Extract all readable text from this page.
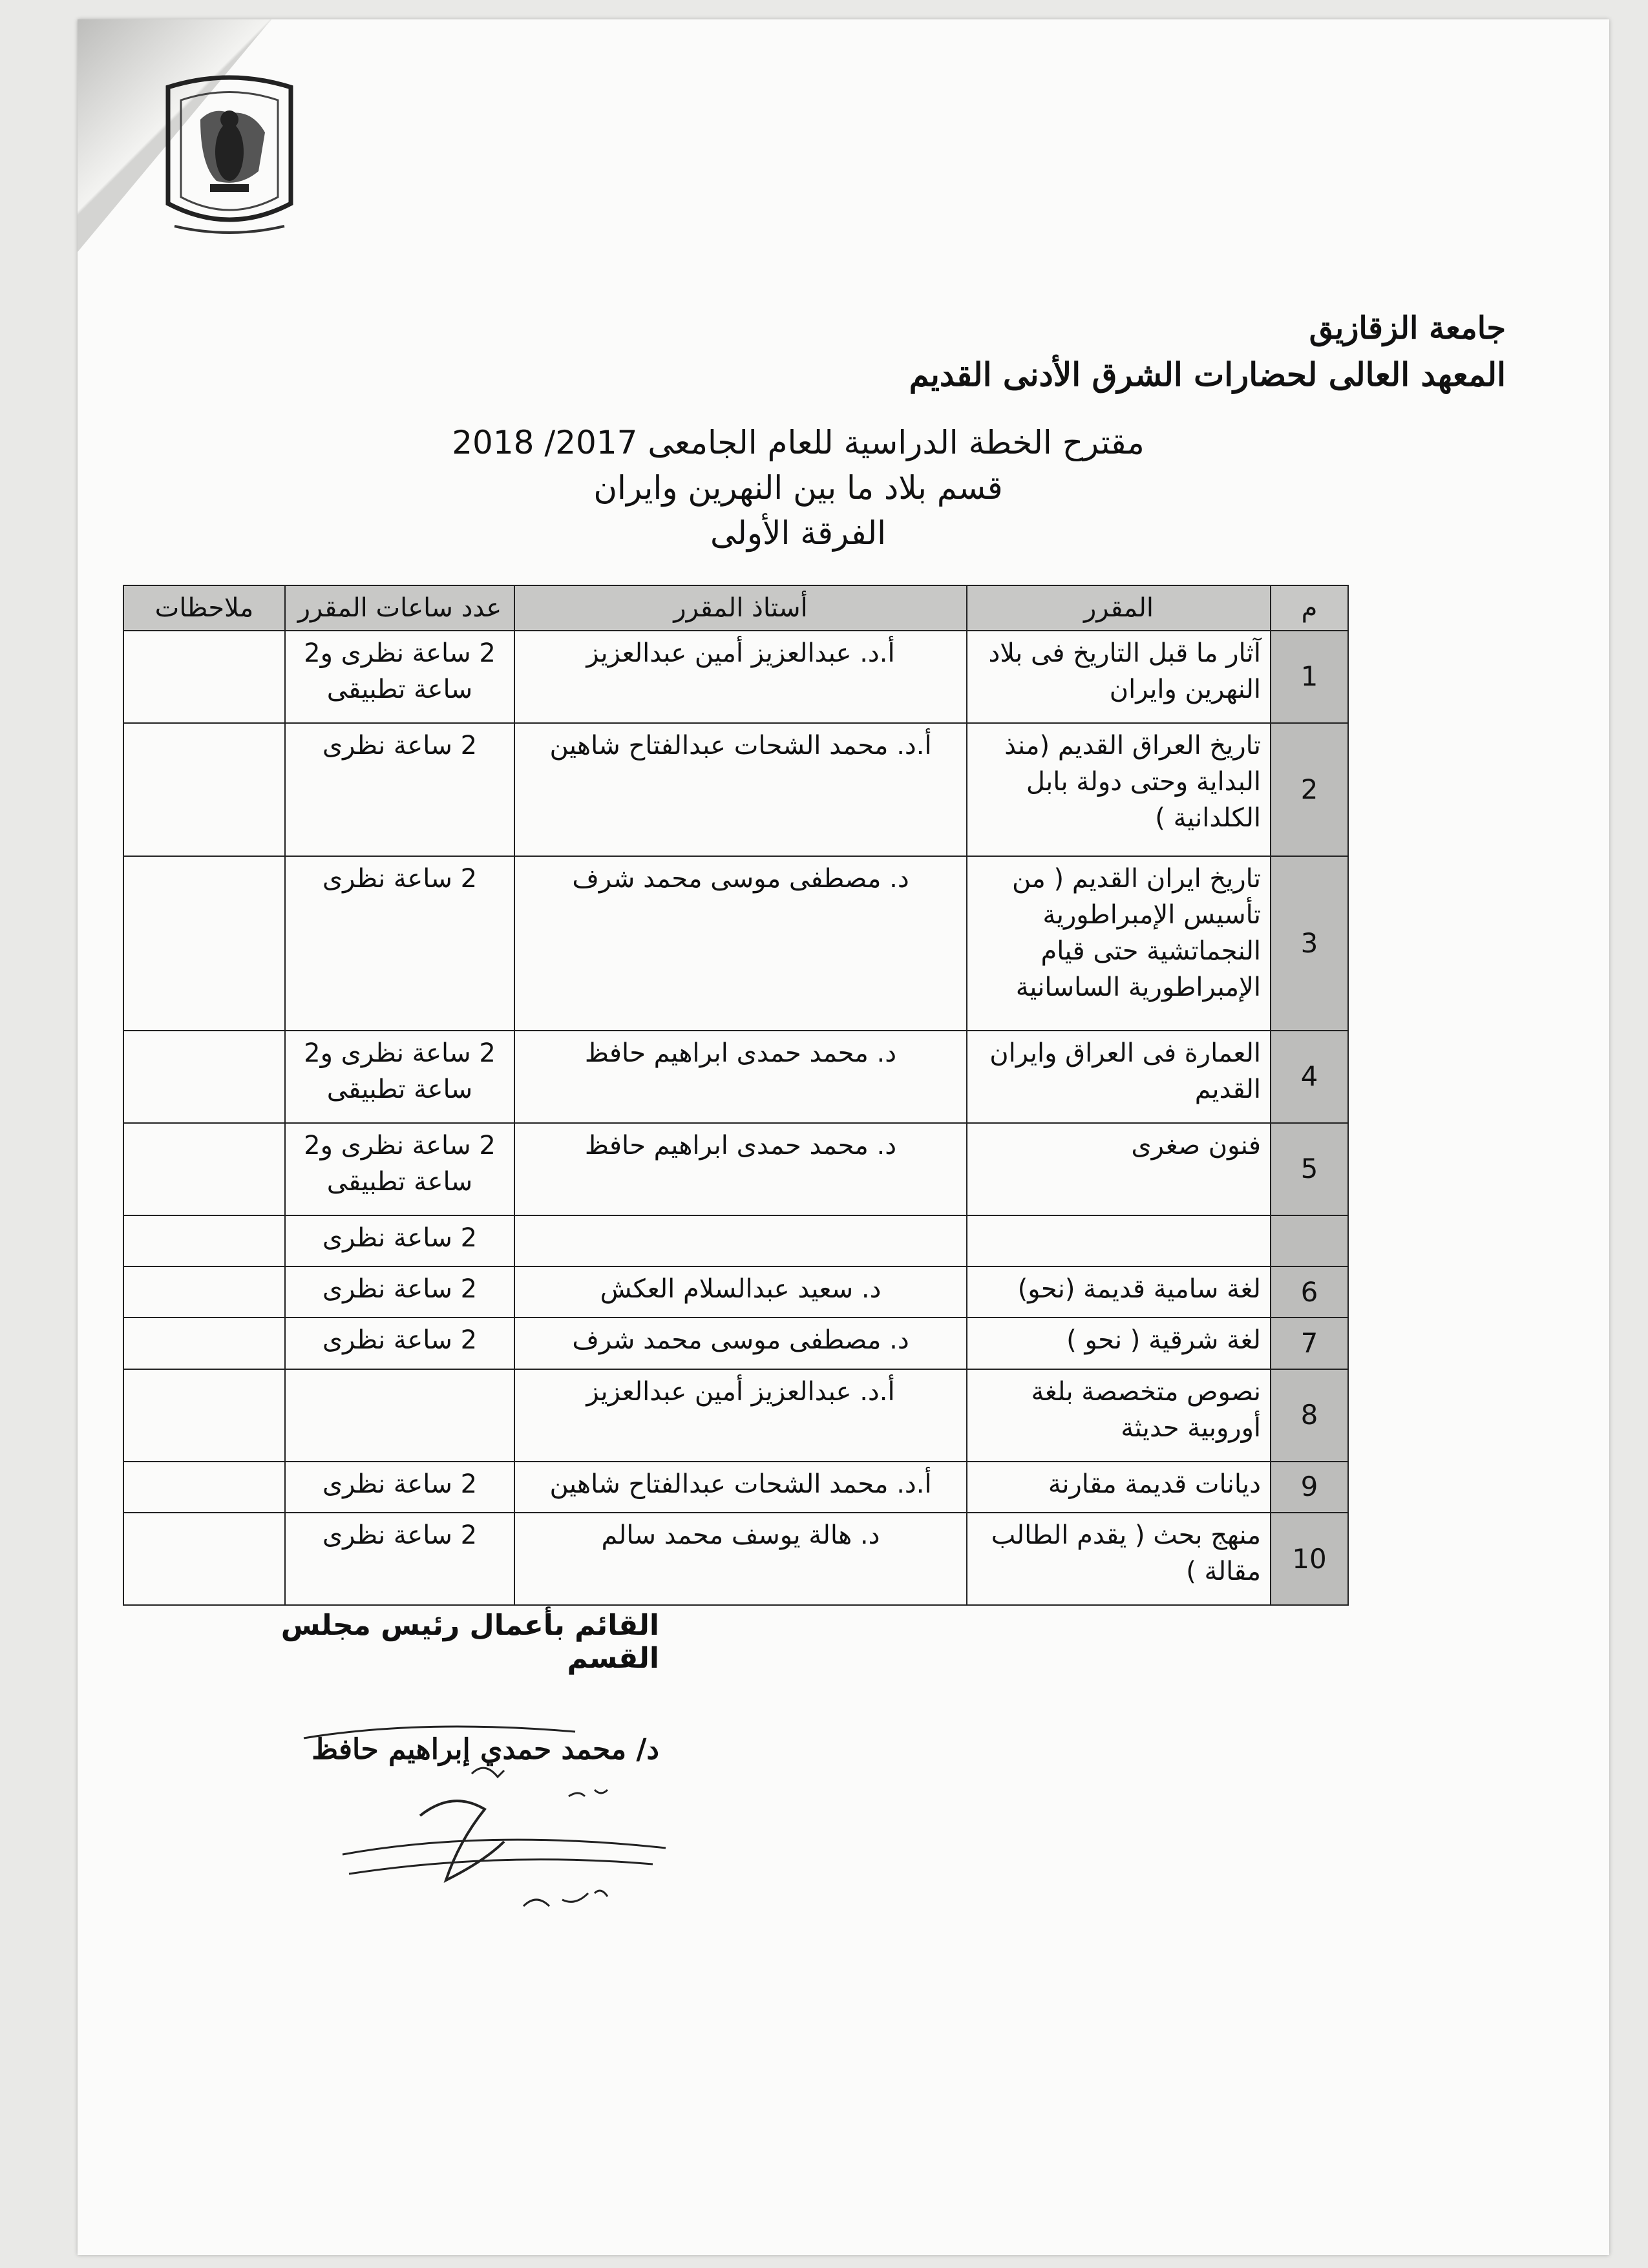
جامعة الزقازيق
المعهد العالى لحضارات الشرق الأدنى القديم
مقترح الخطة الدراسية للعام الجامعى 2017/ 2018
قسم بلاد ما بين النهرين وايران
الفرقة الأولى
م	المقرر	أستاذ المقرر	عدد ساعات المقرر	ملاحظات
1	آثار ما قبل التاريخ فى بلاد النهرين وايران	أ.د. عبدالعزيز أمين عبدالعزيز	2 ساعة نظرى و2 ساعة تطبيقى	
2	تاريخ العراق القديم (منذ البداية وحتى دولة بابل الكلدانية )	أ.د. محمد الشحات عبدالفتاح شاهين	2 ساعة نظرى	
3	تاريخ ايران القديم ( من تأسيس الإمبراطورية النجماتشية حتى قيام الإمبراطورية الساسانية	د. مصطفى موسى محمد شرف	2 ساعة نظرى	
4	العمارة فى العراق وايران القديم	د. محمد حمدى ابراهيم حافظ	2 ساعة نظرى و2 ساعة تطبيقى	
5	فنون صغرى	د. محمد حمدى ابراهيم حافظ	2 ساعة نظرى و2 ساعة تطبيقى	
			2 ساعة نظرى	
6	لغة سامية قديمة (نحو)	د. سعيد عبدالسلام العكش	2 ساعة نظرى	
7	لغة شرقية ( نحو )	د. مصطفى موسى محمد شرف	2 ساعة نظرى	
8	نصوص متخصصة بلغة أوروبية حديثة	أ.د. عبدالعزيز أمين عبدالعزيز		
9	ديانات قديمة مقارنة	أ.د. محمد الشحات عبدالفتاح شاهين	2 ساعة نظرى	
10	منهج بحث ( يقدم الطالب مقالة )	د. هالة يوسف محمد سالم	2 ساعة نظرى	
القائم بأعمال رئيس مجلس القسم
د/ محمد حمدي إبراهيم حافظ
